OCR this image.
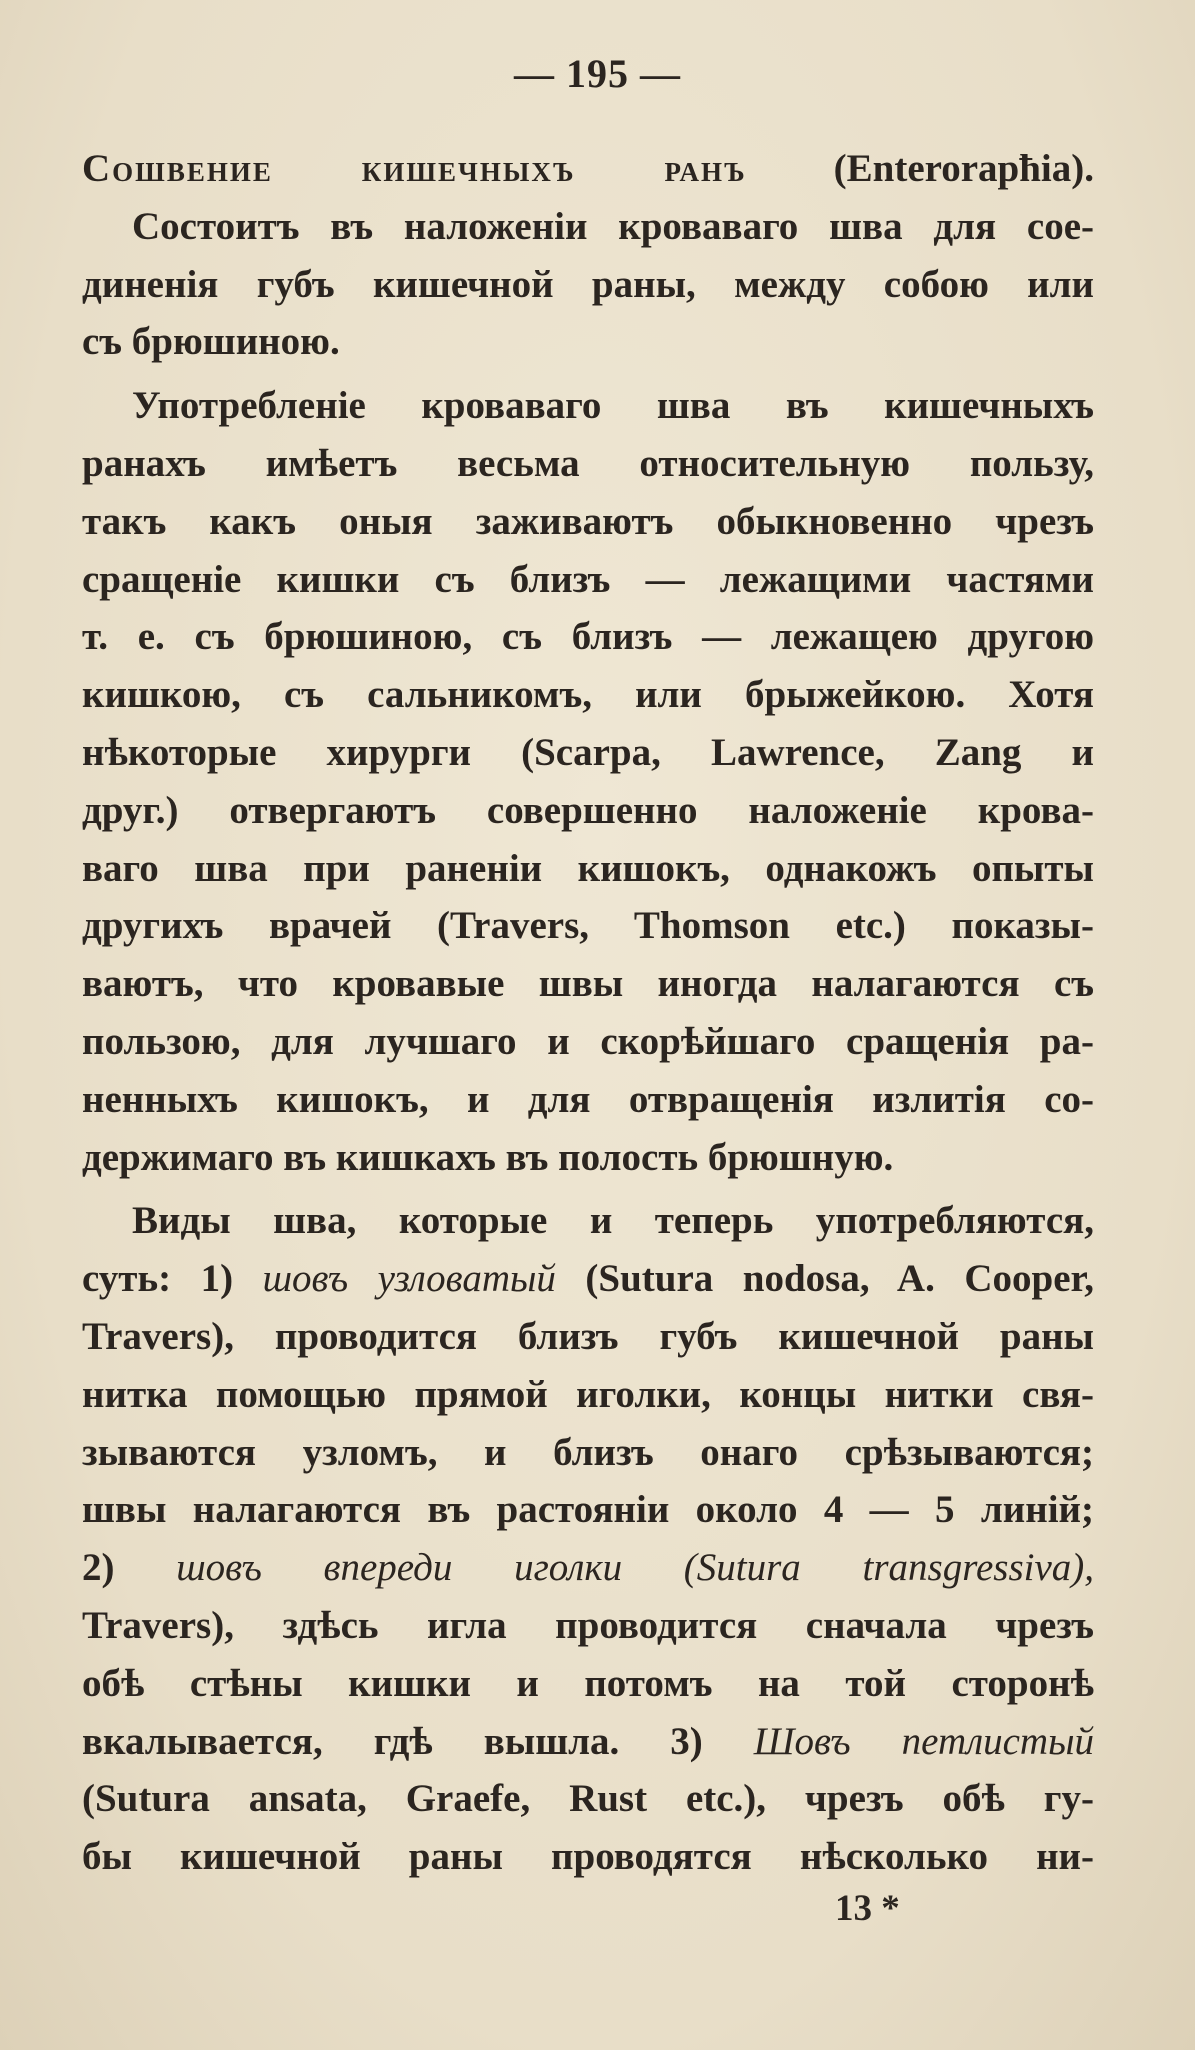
— 195 —
Сошвение кишечныхъ ранъ (Enterorapħia).
Состоитъ въ наложенiи кроваваго шва для сое-
диненiя губъ кишечной раны, между собою или
съ брюшиною.
Употребленiе кроваваго шва въ кишечныхъ
ранахъ имѣетъ весьма относительную пользу,
такъ какъ оныя заживаютъ обыкновенно чрезъ
сращенiе кишки съ близъ — лежащими частями
т. е. съ брюшиною, съ близъ — лежащею другою
кишкою, съ сальникомъ, или брыжейкою. Хотя
нѣкоторые хирурги (Scarpa, Lawrence, Zang и
друг.) отвергаютъ совершенно наложенiе крова-
ваго шва при раненiи кишокъ, однакожъ опыты
другихъ врачей (Travers, Thomson etc.) показы-
ваютъ, что кровавые швы иногда налагаются съ
пользою, для лучшаго и скорѣйшаго сращенiя ра-
ненныхъ кишокъ, и для отвращенiя излитiя со-
держимаго въ кишкахъ въ полость брюшную.
Виды шва, которые и теперь употребляются,
суть: 1) шовъ узловатый (Sutura nodosa, A. Cooper,
Travers), проводится близъ губъ кишечной раны
нитка помощью прямой иголки, концы нитки свя-
зываются узломъ, и близъ онаго срѣзываются;
швы налагаются въ растоянiи около 4 — 5 линiй;
2) шовъ впереди иголки (Sutura transgressiva),
Travers), здѣсь игла проводится сначала чрезъ
обѣ стѣны кишки и потомъ на той сторонѣ
вкалывается, гдѣ вышла. 3) Шовъ петлистый
(Sutura ansata, Graefe, Rust etc.), чрезъ обѣ гу-
бы кишечной раны проводятся нѣсколько ни-
13 *
